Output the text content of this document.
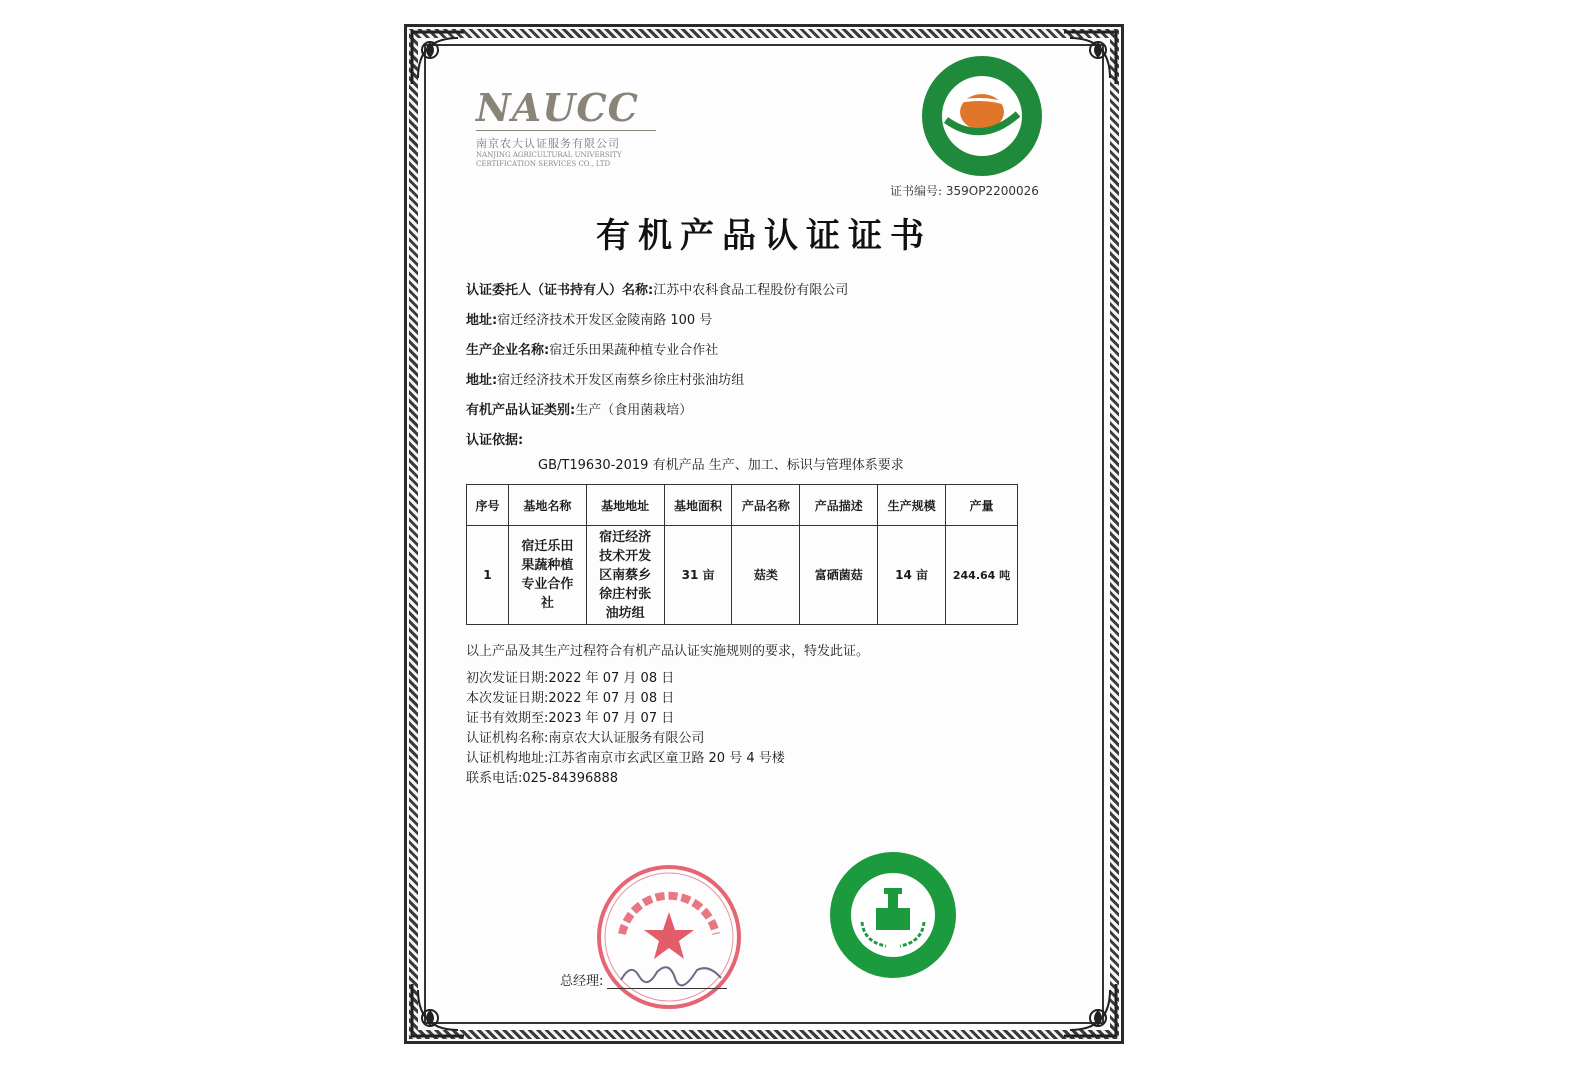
NAUCC
南京农大认证服务有限公司
NANJING AGRICULTURAL UNIVERSITY
CERTIFICATION SERVICES CO., LTD
证书编号: 359OP2200026
有机产品认证证书
认证委托人（证书持有人）名称:江苏中农科食品工程股份有限公司
地址:宿迁经济技术开发区金陵南路 100 号
生产企业名称:宿迁乐田果蔬种植专业合作社
地址:宿迁经济技术开发区南蔡乡徐庄村张油坊组
有机产品认证类别:生产（食用菌栽培）
认证依据:
GB/T19630-2019 有机产品 生产、加工、标识与管理体系要求
序号	基地名称	基地地址	基地面积	产品名称	产品描述	生产规模	产量
1	宿迁乐田果蔬种植专业合作社	宿迁经济技术开发区南蔡乡徐庄村张油坊组	31 亩	菇类	富硒菌菇	14 亩	244.64 吨
以上产品及其生产过程符合有机产品认证实施规则的要求，特发此证。
初次发证日期:2022 年 07 月 08 日
本次发证日期:2022 年 07 月 08 日
证书有效期至:2023 年 07 月 07 日
认证机构名称:南京农大认证服务有限公司
认证机构地址:江苏省南京市玄武区童卫路 20 号 4 号楼
联系电话:025-84396888
总经理:
